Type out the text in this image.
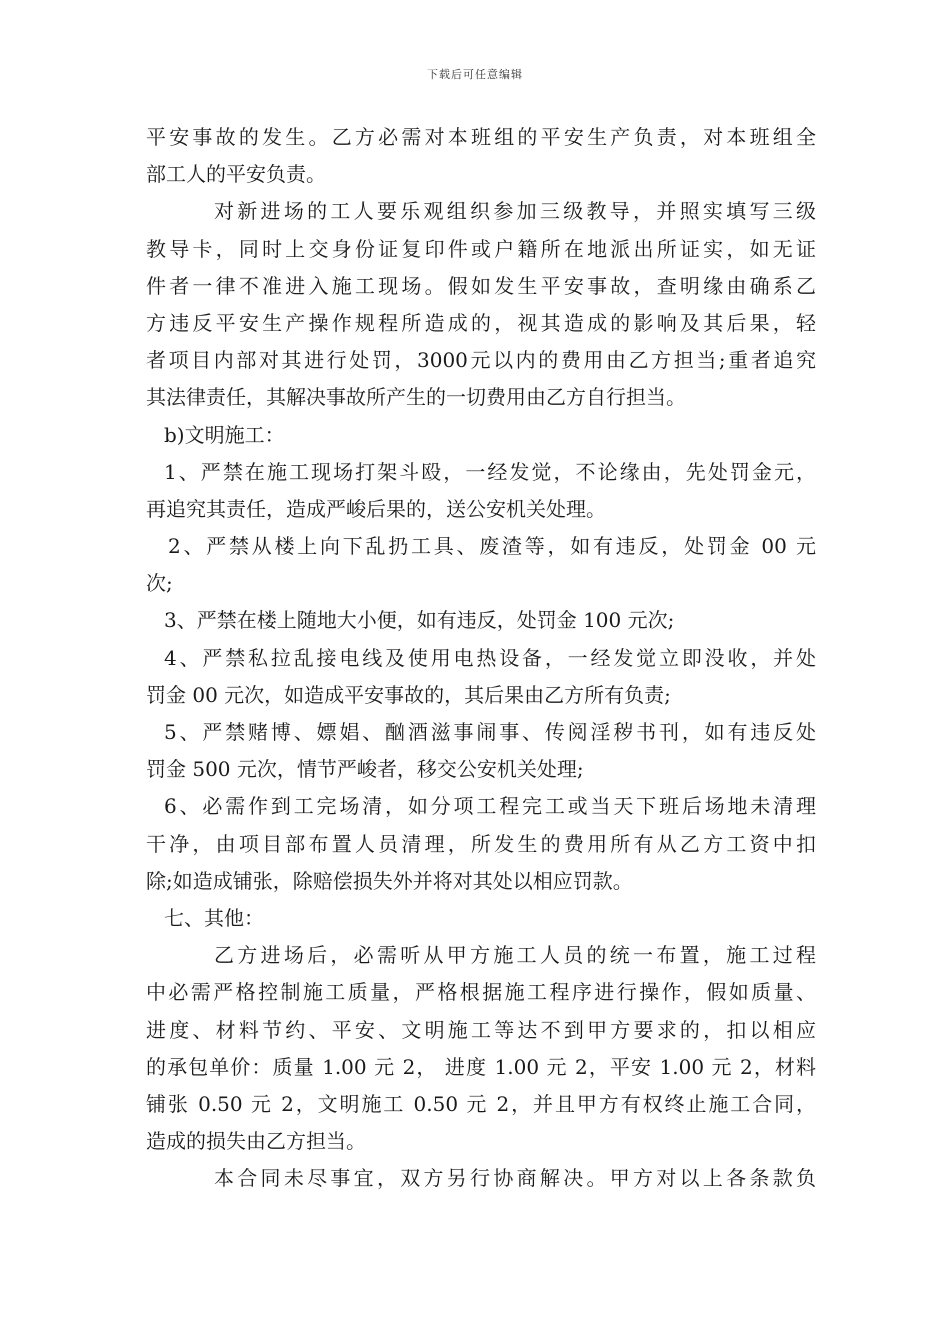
下载后可任意编辑
平安事故的发生。乙方必需对本班组的平安生产负责，对本班组全
部工人的平安负责。
对新进场的工人要乐观组织参加三级教导，并照实填写三级
教导卡，同时上交身份证复印件或户籍所在地派出所证实，如无证
件者一律不准进入施工现场。假如发生平安事故，查明缘由确系乙
方违反平安生产操作规程所造成的，视其造成的影响及其后果，轻
者项目内部对其进行处罚，3000元以内的费用由乙方担当;重者追究
其法律责任，其解决事故所产生的一切费用由乙方自行担当。
b)文明施工：
1、严禁在施工现场打架斗殴，一经发觉，不论缘由，先处罚金元，
再追究其责任，造成严峻后果的，送公安机关处理。
2、严禁从楼上向下乱扔工具、废渣等，如有违反，处罚金 00 元
次;
3、严禁在楼上随地大小便，如有违反，处罚金 100 元次;
4、严禁私拉乱接电线及使用电热设备，一经发觉立即没收，并处
罚金 00 元次，如造成平安事故的，其后果由乙方所有负责;
5、严禁赌博、嫖娼、酗酒滋事闹事、传阅淫秽书刊，如有违反处
罚金 500 元次，情节严峻者，移交公安机关处理;
6、必需作到工完场清，如分项工程完工或当天下班后场地未清理
干净，由项目部布置人员清理，所发生的费用所有从乙方工资中扣
除;如造成铺张，除赔偿损失外并将对其处以相应罚款。
七、其他：
乙方进场后，必需听从甲方施工人员的统一布置，施工过程
中必需严格控制施工质量，严格根据施工程序进行操作，假如质量、
进度、材料节约、平安、文明施工等达不到甲方要求的，扣以相应
的承包单价：质量 1.00 元 2， 进度 1.00 元 2，平安 1.00 元 2，材料
铺张 0.50 元 2，文明施工 0.50 元 2，并且甲方有权终止施工合同，
造成的损失由乙方担当。
本合同未尽事宜，双方另行协商解决。甲方对以上各条款负
